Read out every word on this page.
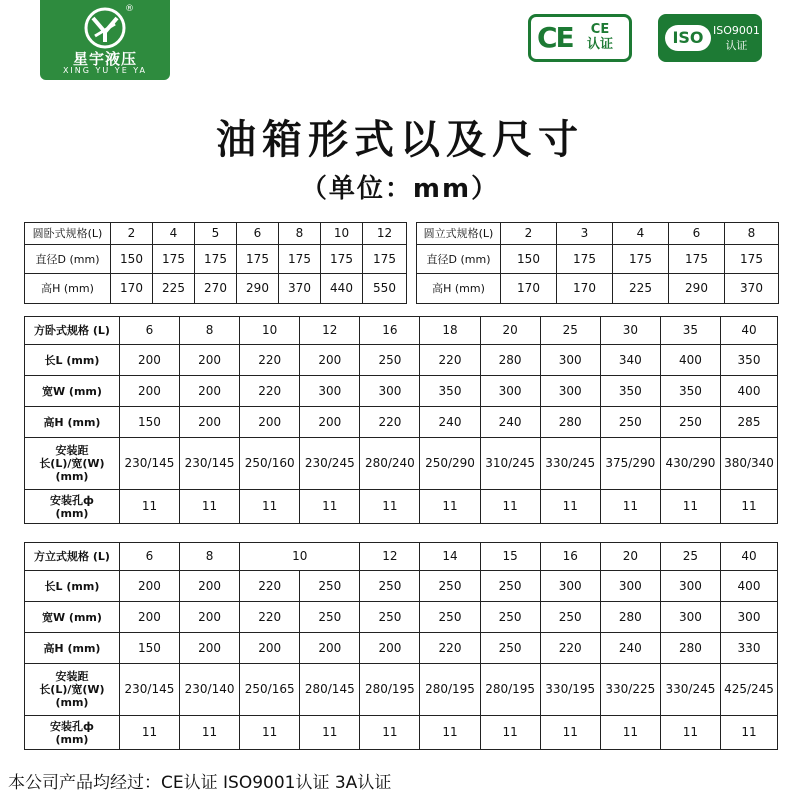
®
星宇液压
XING YU YE YA
CE CE
认证	ISO ISO9001
认证
油箱形式以及尺寸
（单位：mm）
圆卧式规格(L)	2	4	5	6	8	10	12
直径D (mm)	150	175	175	175	175	175	175
高H (mm)	170	225	270	290	370	440	550
圆立式规格(L)	2	3	4	6	8
直径D (mm)	150	175	175	175	175
高H (mm)	170	170	225	290	370
方卧式规格 (L)	6	8	10	12	16	18	20	25	30	35	40
长L (mm)	200	200	220	200	250	220	280	300	340	400	350
宽W (mm)	200	200	220	300	300	350	300	300	350	350	400
高H (mm)	150	200	200	200	220	240	240	280	250	250	285
安装距
长(L)/宽(W)
(mm)	230/145	230/145	250/160	230/245	280/240	250/290	310/245	330/245	375/290	430/290	380/340
安装孔ф
(mm)	11	11	11	11	11	11	11	11	11	11	11
方立式规格 (L)	6	8	10		12	14	15	16	20	25	40
长L (mm)	200	200	220	250	250	250	250	300	300	300	400
宽W (mm)	200	200	220	250	250	250	250	250	280	300	300
高H (mm)	150	200	200	200	200	220	250	220	240	280	330
安装距
长(L)/宽(W)
(mm)	230/145	230/140	250/165	280/145	280/195	280/195	280/195	330/195	330/225	330/245	425/245
安装孔ф
(mm)	11	11	11	11	11	11	11	11	11	11	11
本公司产品均经过：CE认证 ISO9001认证 3A认证
